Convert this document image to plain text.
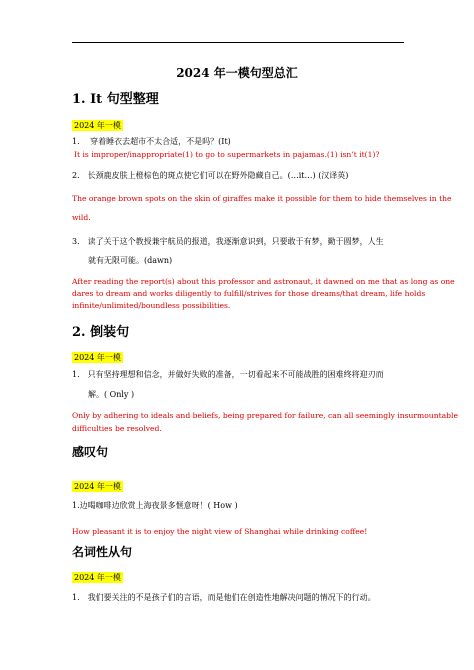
2024 年一模句型总汇
1. It 句型整理
2024 年一模
1.　 穿着睡衣去超市不太合适，不是吗？(It)
It is improper/inappropriate(1) to go to supermarkets in pajamas.(1) isn’t it(1)?
2.　长颈鹿皮肤上橙棕色的斑点使它们可以在野外隐藏自己。(…it…) (汉译英)
The orange brown spots on the skin of giraffes make it possible for them to hide themselves in the
wild.
3.　读了关于这个教授兼宇航员的报道，我逐渐意识到，只要敢于有梦，勤于圆梦，人生
就有无限可能。(dawn)
After reading the report(s) about this professor and astronaut, it dawned on me that as long as one
dares to dream and works diligently to fulfill/strives for those dreams/that dream, life holds
infinite/unlimited/boundless possibilities.
2. 倒装句
2024 年一模
1.　只有坚持理想和信念，并做好失败的准备，一切看起来不可能战胜的困难终将迎刃而
解。( Only )
Only by adhering to ideals and beliefs, being prepared for failure, can all seemingly insurmountable
difficulties be resolved.
感叹句
2024 年一模
1.边喝咖啡边欣赏上海夜景多惬意呀！( How )
How pleasant it is to enjoy the night view of Shanghai while drinking coffee!
名词性从句
2024 年一模
1.　我们要关注的不是孩子们的言语，而是他们在创造性地解决问题的情况下的行动。
